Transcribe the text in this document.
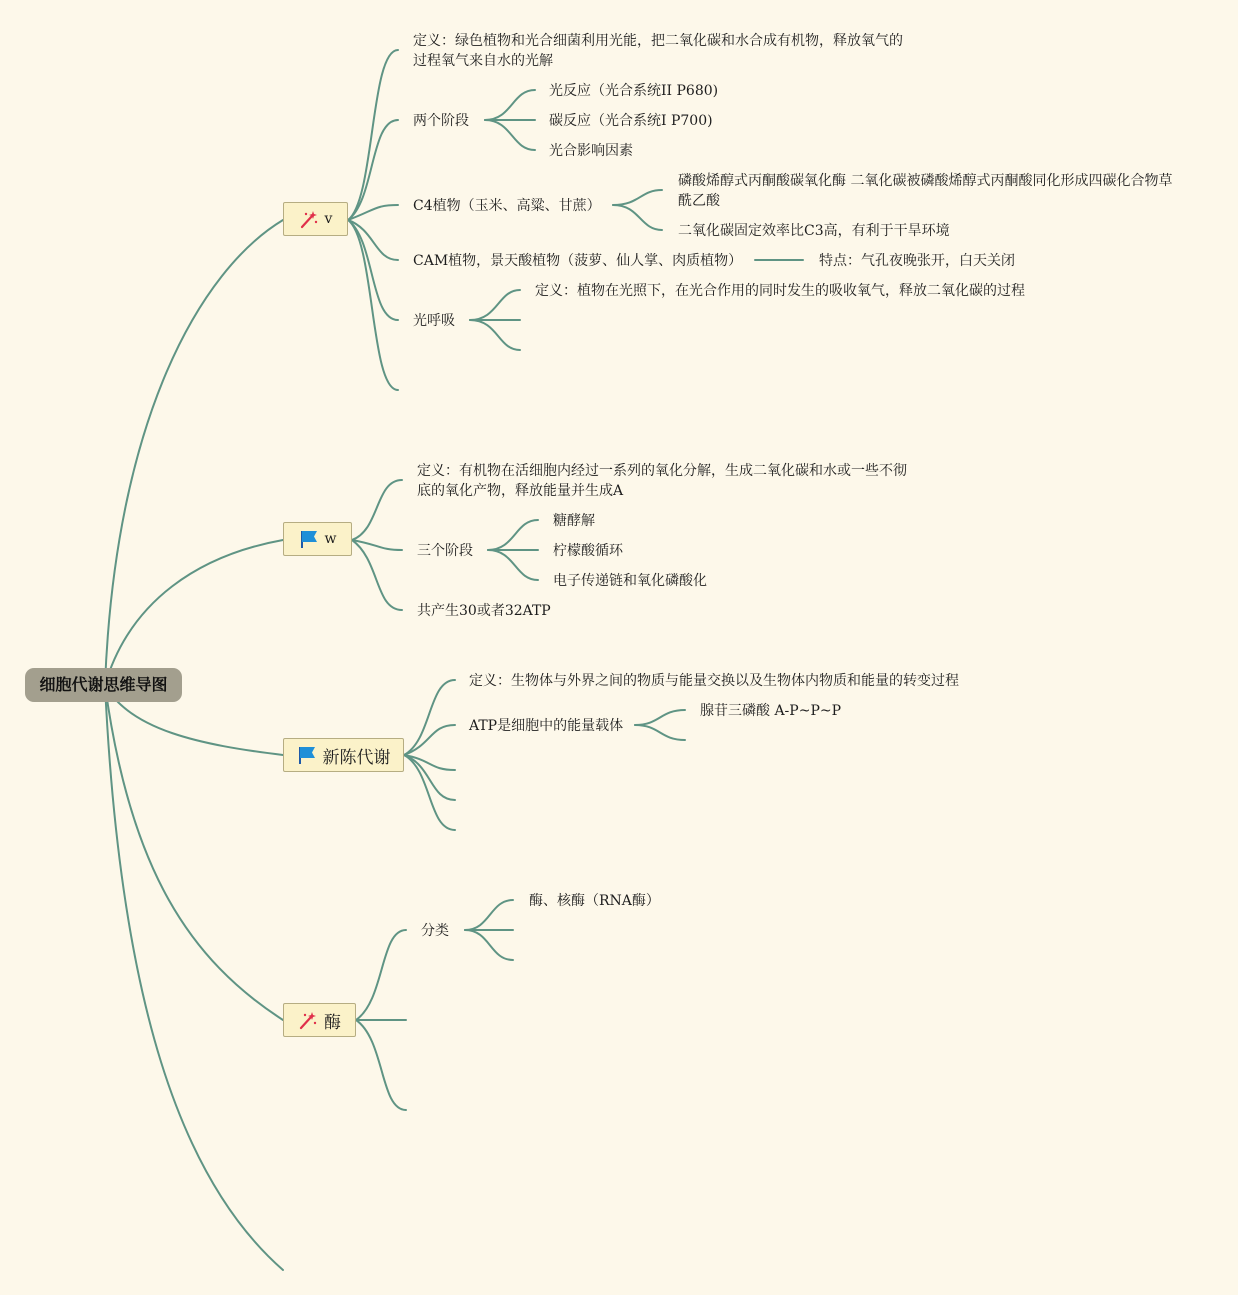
细胞代谢思维导图
v
w
新陈代谢
酶
定义：绿色植物和光合细菌利用光能，把二氧化碳和水合成有机物，释放氧气的
过程氧气来自水的光解
两个阶段
光反应（光合系统II P680)
碳反应（光合系统I P700)
光合影响因素
C4植物（玉米、高粱、甘蔗）
磷酸烯醇式丙酮酸碳氧化酶 二氧化碳被磷酸烯醇式丙酮酸同化形成四碳化合物草
酰乙酸
二氧化碳固定效率比C3高，有利于干旱环境
CAM植物，景天酸植物（菠萝、仙人掌、肉质植物）	特点：气孔夜晚张开，白天关闭
光呼吸
定义：植物在光照下，在光合作用的同时发生的吸收氧气，释放二氧化碳的过程
定义：有机物在活细胞内经过一系列的氧化分解，生成二氧化碳和水或一些不彻
底的氧化产物，释放能量并生成A
三个阶段
糖酵解
柠檬酸循环
电子传递链和氧化磷酸化
共产生30或者32ATP
定义：生物体与外界之间的物质与能量交换以及生物体内物质和能量的转变过程
ATP是细胞中的能量载体
腺苷三磷酸 A-P~P~P
分类
酶、核酶（RNA酶）
